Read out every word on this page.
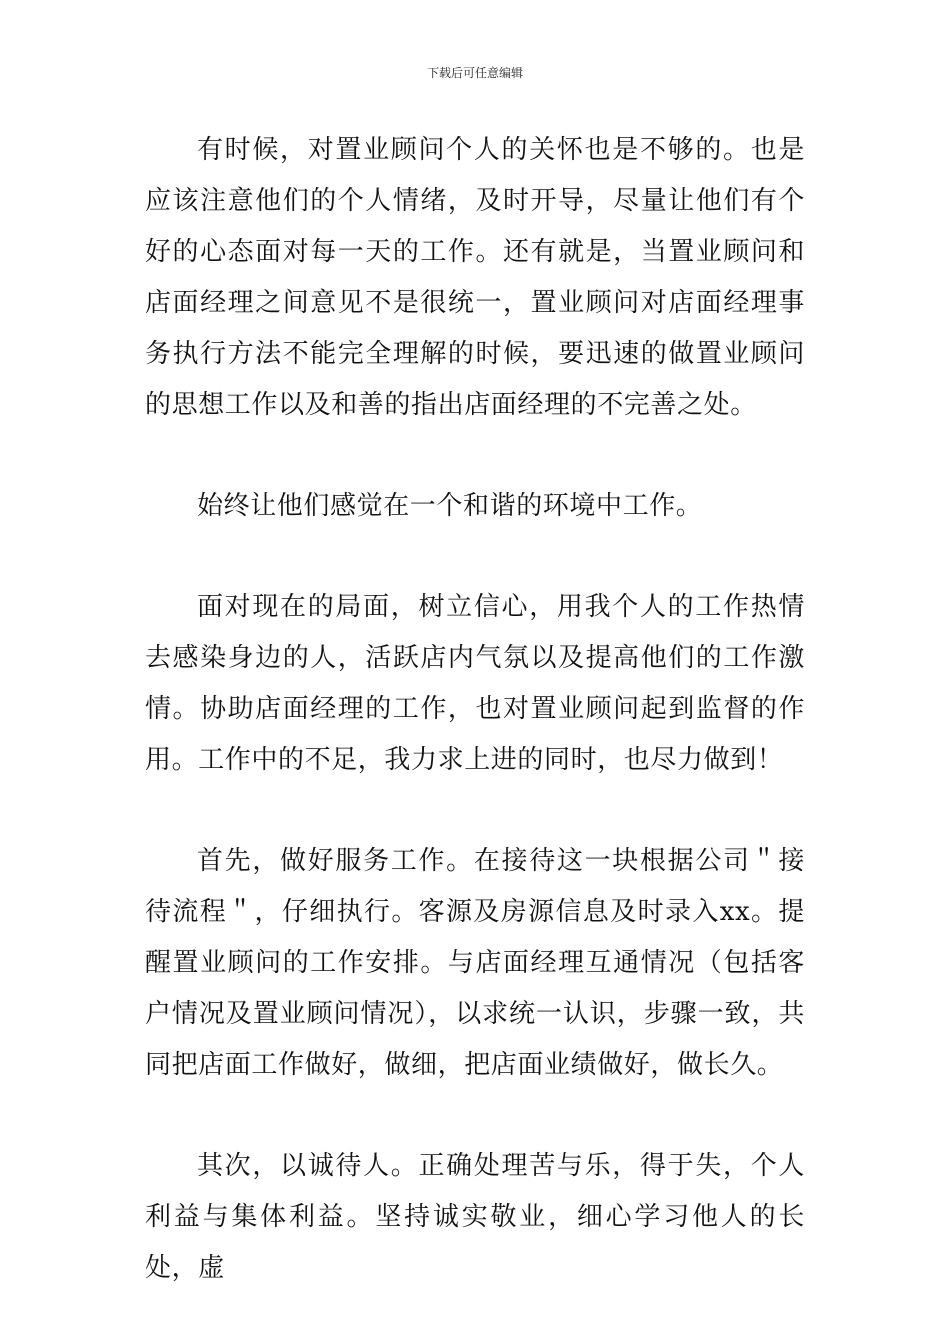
下载后可任意编辑

有时候，对置业顾问个人的关怀也是不够的。也是应该注意他们的个人情绪，及时开导，尽量让他们有个好的心态面对每一天的工作。还有就是，当置业顾问和店面经理之间意见不是很统一，置业顾问对店面经理事务执行方法不能完全理解的时候，要迅速的做置业顾问的思想工作以及和善的指出店面经理的不完善之处。

始终让他们感觉在一个和谐的环境中工作。

面对现在的局面，树立信心，用我个人的工作热情去感染身边的人，活跃店内气氛以及提高他们的工作激情。协助店面经理的工作，也对置业顾问起到监督的作用。工作中的不足，我力求上进的同时，也尽力做到！

首先，做好服务工作。在接待这一块根据公司＂接待流程＂，仔细执行。客源及房源信息及时录入xx。提醒置业顾问的工作安排。与店面经理互通情况（包括客户情况及置业顾问情况），以求统一认识，步骤一致，共同把店面工作做好，做细，把店面业绩做好，做长久。

其次，以诚待人。正确处理苦与乐，得于失，个人利益与集体利益。坚持诚实敬业，细心学习他人的长处，虚
